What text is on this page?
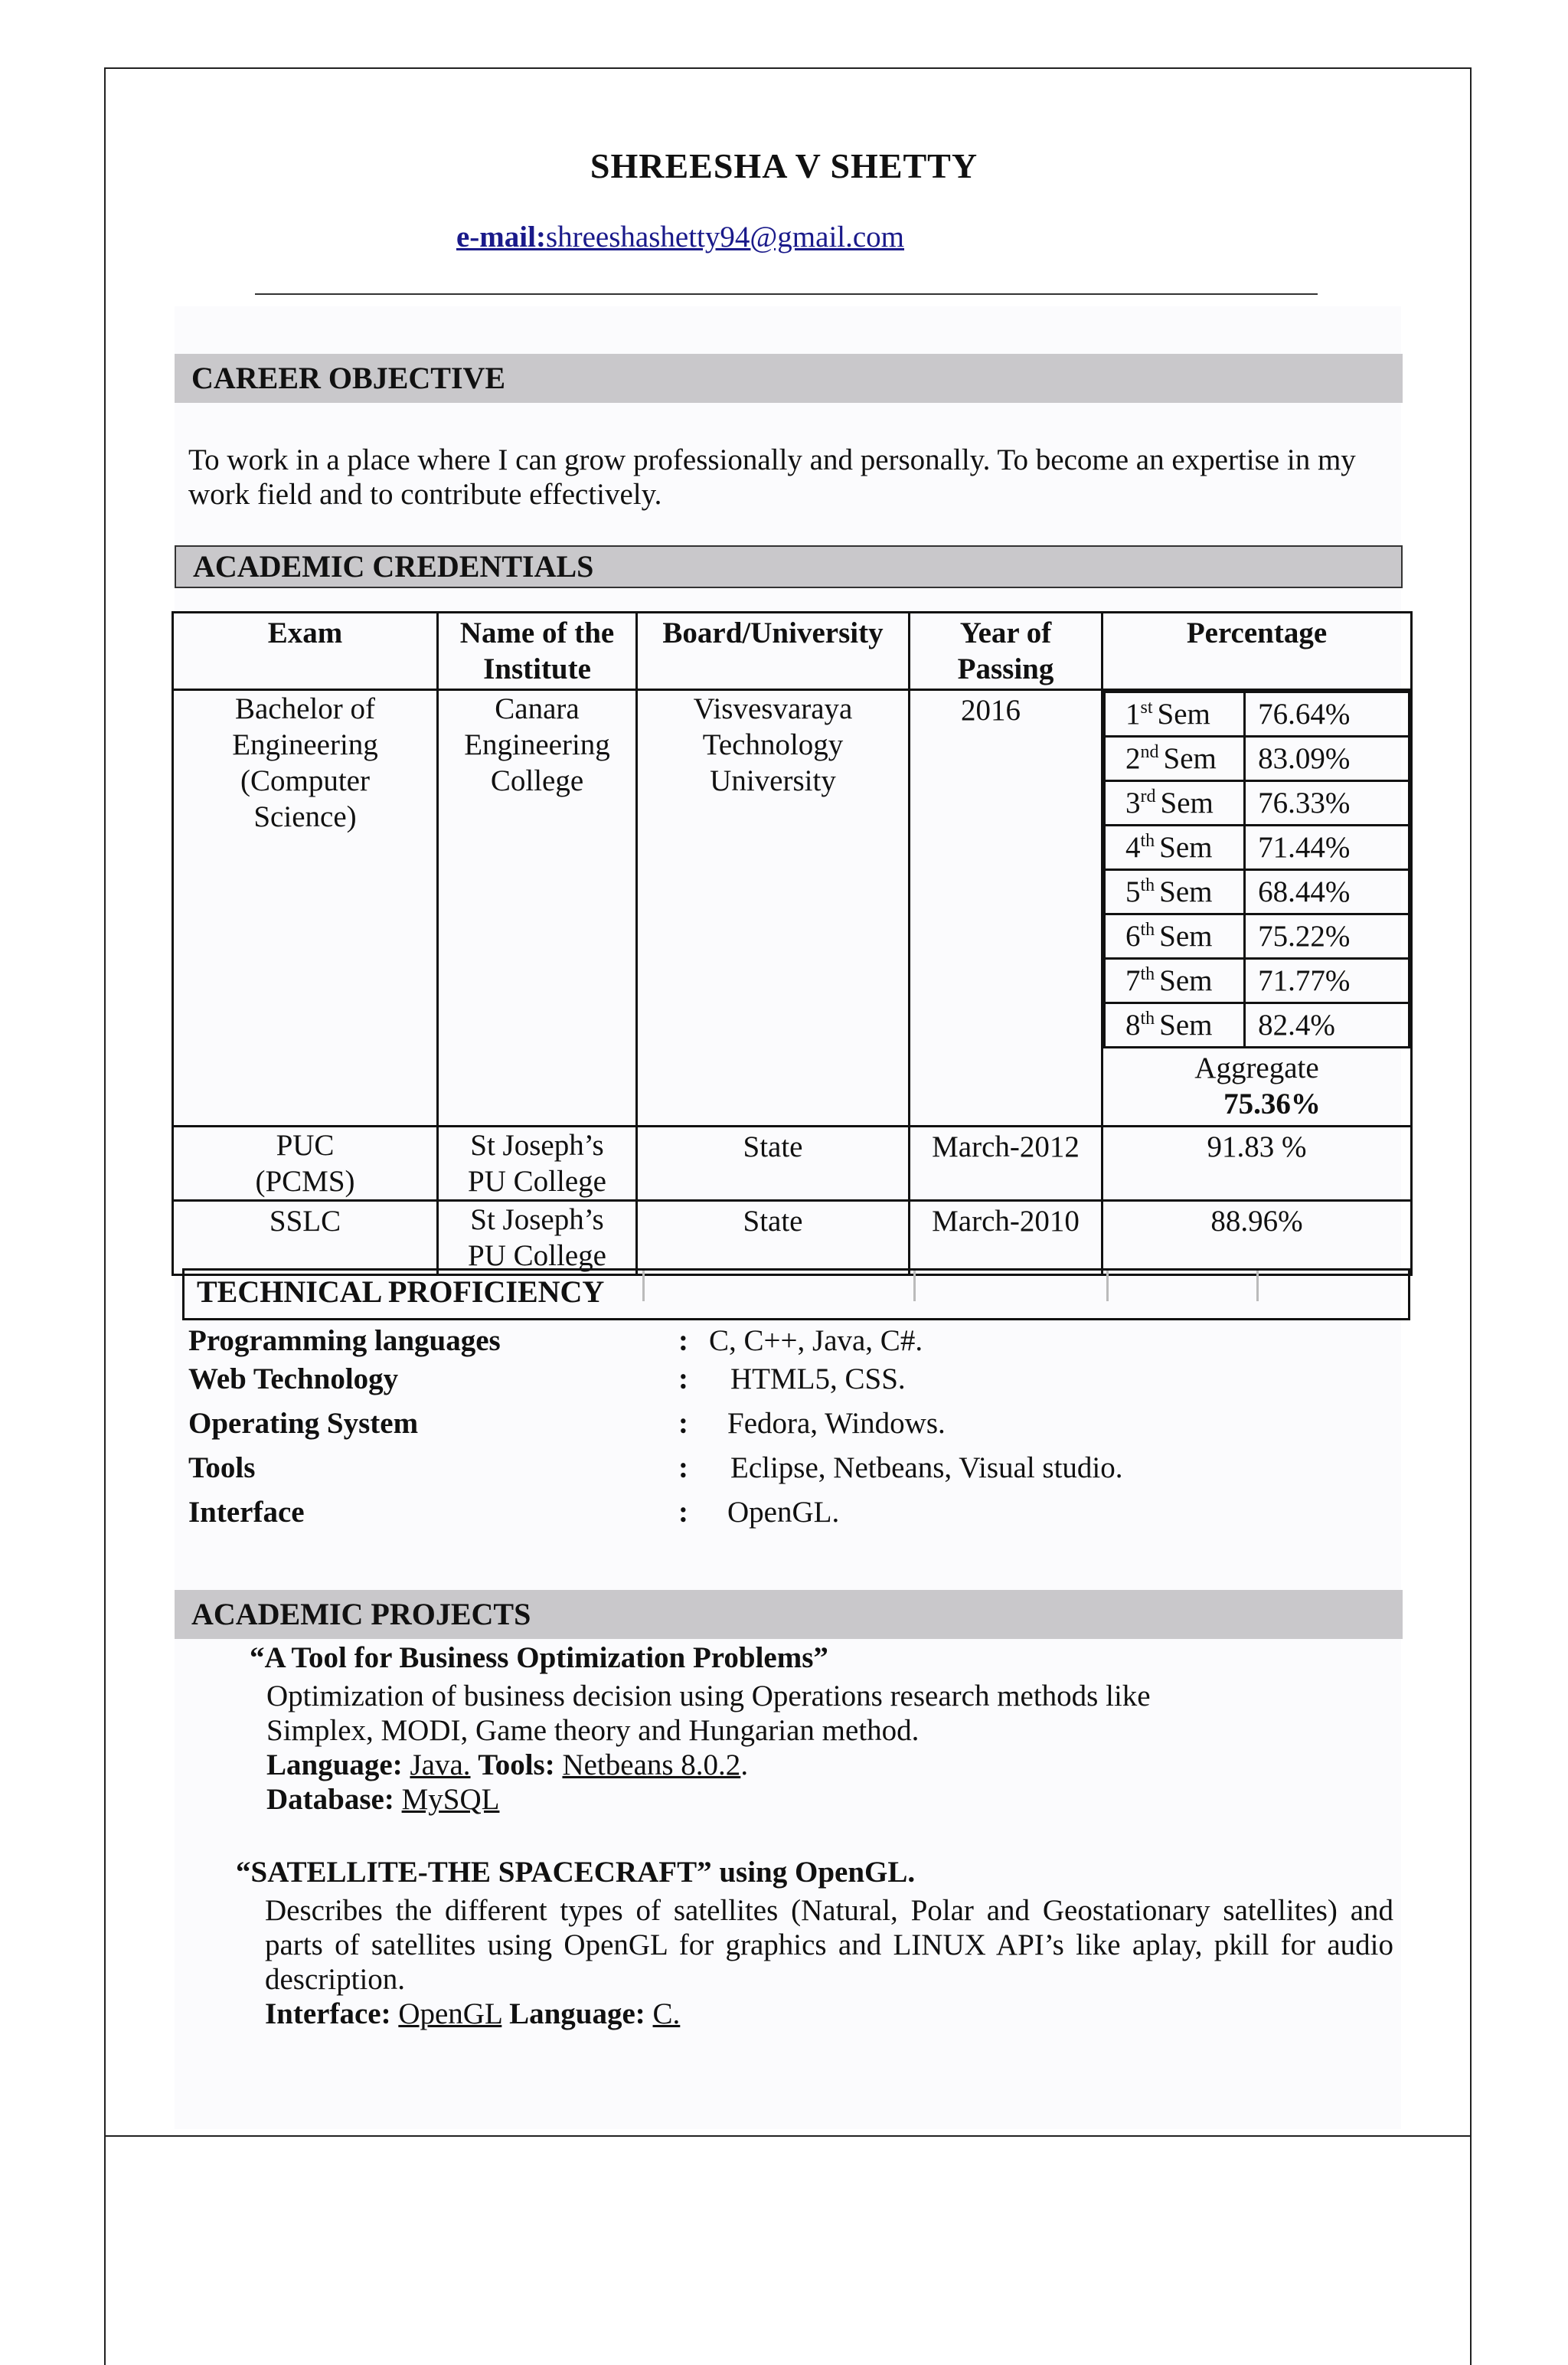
SHREESHA V SHETTY
e-mail:shreeshashetty94@gmail.com
CAREER OBJECTIVE
To work in a place where I can grow professionally and personally. To become an expertise in my work field and to contribute effectively.
ACADEMIC CREDENTIALS
Exam	Name of the Institute	Board/University	Year of Passing	Percentage
Bachelor of Engineering (Computer Science)	Canara Engineering College	Visvesvaraya Technology University	2016		1st Sem	76.64%
2nd Sem	83.09%
3rd Sem	76.33%
4th Sem	71.44%
5th Sem	68.44%
6th Sem	75.22%
7th Sem	71.77%
8th Sem	82.4%
Aggregate
75.36%

PUC (PCMS)	St Joseph’s PU College	State	March-2012	91.83 %
SSLC	St Joseph’s PU College	State	March-2010	88.96%
TECHNICAL PROFICIENCY
Programming languages	: C, C++, Java, C#.
Web Technology	: HTML5, CSS.
Operating System	: Fedora, Windows.
Tools	: Eclipse, Netbeans, Visual studio.
Interface	: OpenGL.
ACADEMIC PROJECTS
“A Tool for Business Optimization Problems”

Optimization of business decision using Operations research methods like

Simplex, MODI, Game theory and Hungarian method.

Language: Java. Tools: Netbeans 8.0.2.

Database: MySQL

“SATELLITE-THE SPACECRAFT” using OpenGL.

Describes the different types of satellites (Natural, Polar and Geostationary satellites) and parts of satellites using OpenGL for graphics and LINUX API’s like aplay, pkill for audio description.

Interface: OpenGL Language: C.
